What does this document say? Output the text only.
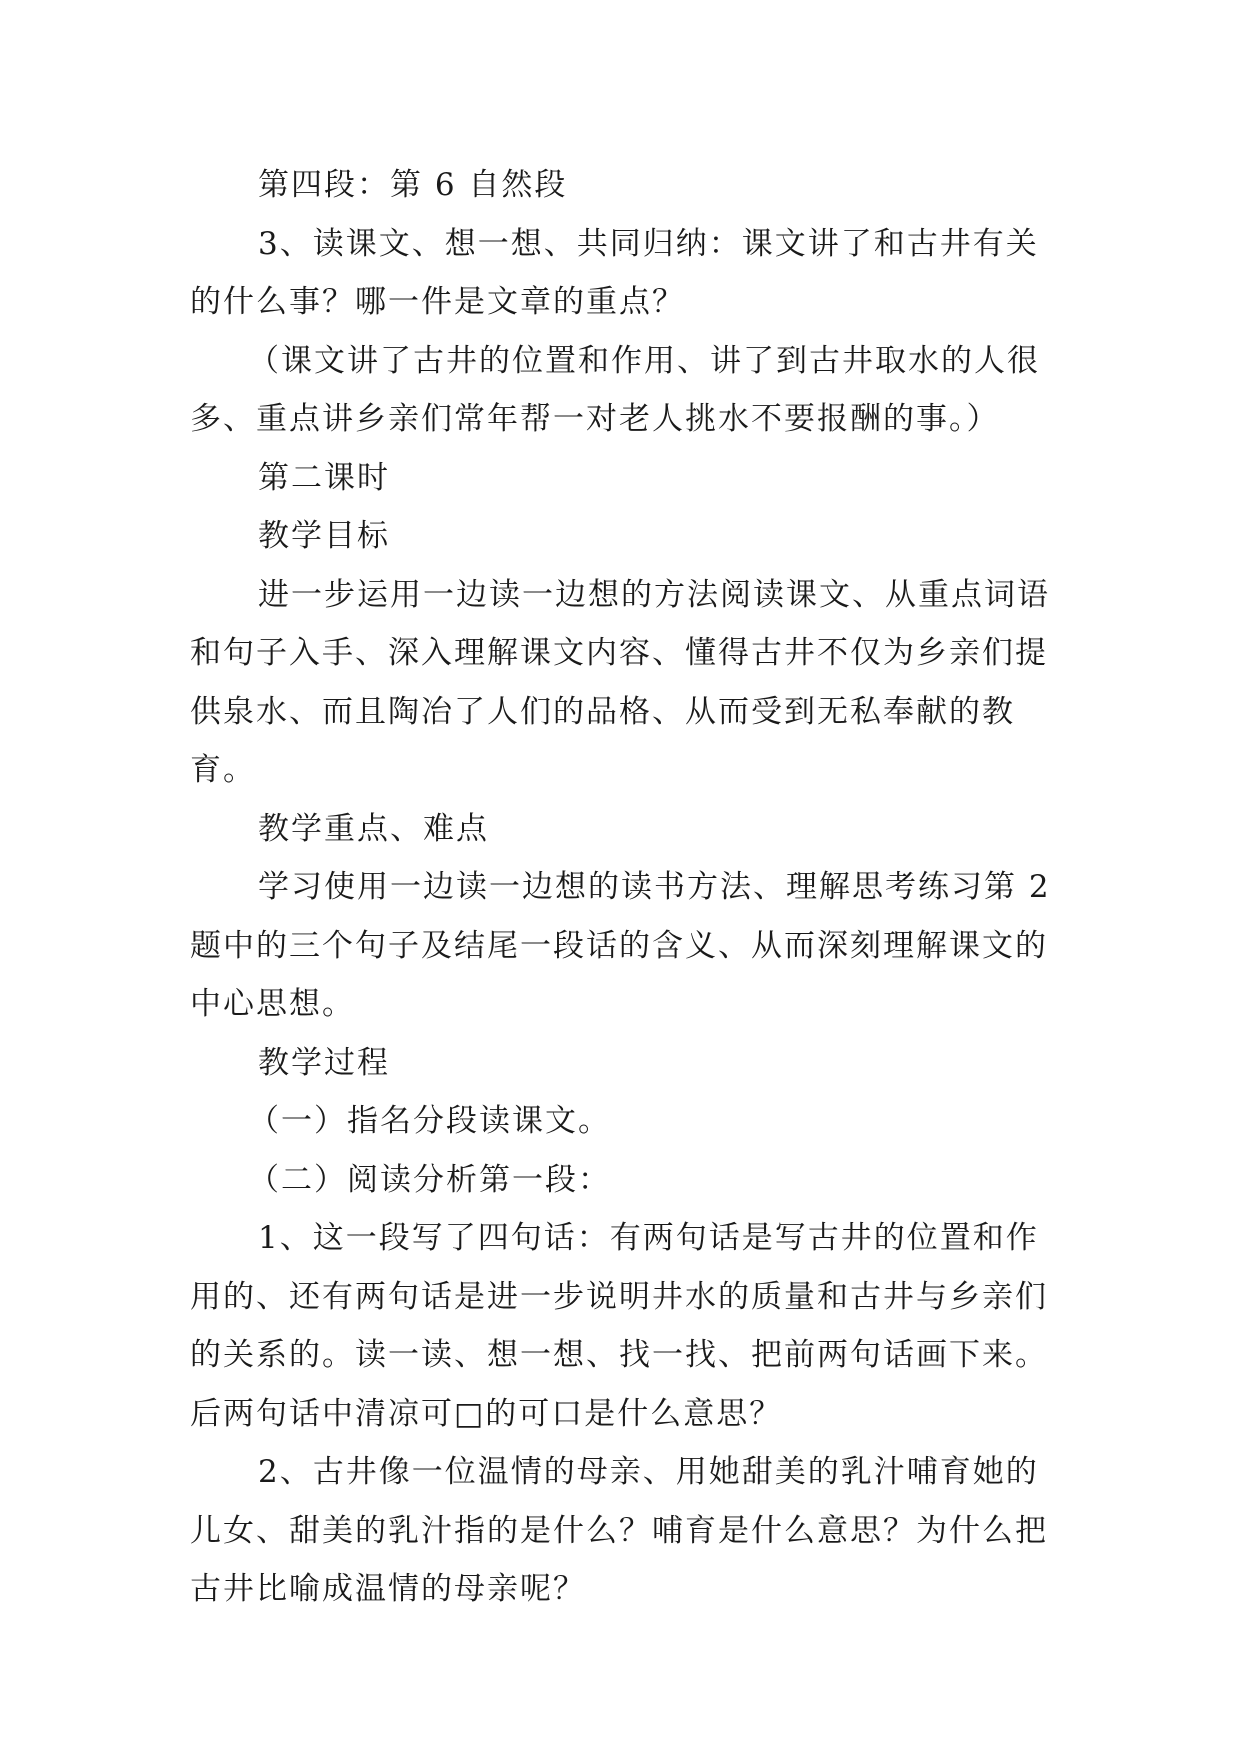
第四段：第 6 自然段

3、读课文、想一想、共同归纳：课文讲了和古井有关的什么事？哪一件是文章的重点？

（课文讲了古井的位置和作用、讲了到古井取水的人很多、重点讲乡亲们常年帮一对老人挑水不要报酬的事。）

第二课时

教学目标

进一步运用一边读一边想的方法阅读课文、从重点词语和句子入手、深入理解课文内容、懂得古井不仅为乡亲们提供泉水、而且陶冶了人们的品格、从而受到无私奉献的教育。

教学重点、难点

学习使用一边读一边想的读书方法、理解思考练习第 2 题中的三个句子及结尾一段话的含义、从而深刻理解课文的中心思想。

教学过程

（一）指名分段读课文。

（二）阅读分析第一段：

1、这一段写了四句话：有两句话是写古井的位置和作用的、还有两句话是进一步说明井水的质量和古井与乡亲们的关系的。读一读、想一想、找一找、把前两句话画下来。后两句话中清凉可□的可口是什么意思？

2、古井像一位温情的母亲、用她甜美的乳汁哺育她的儿女、甜美的乳汁指的是什么？哺育是什么意思？为什么把古井比喻成温情的母亲呢？
